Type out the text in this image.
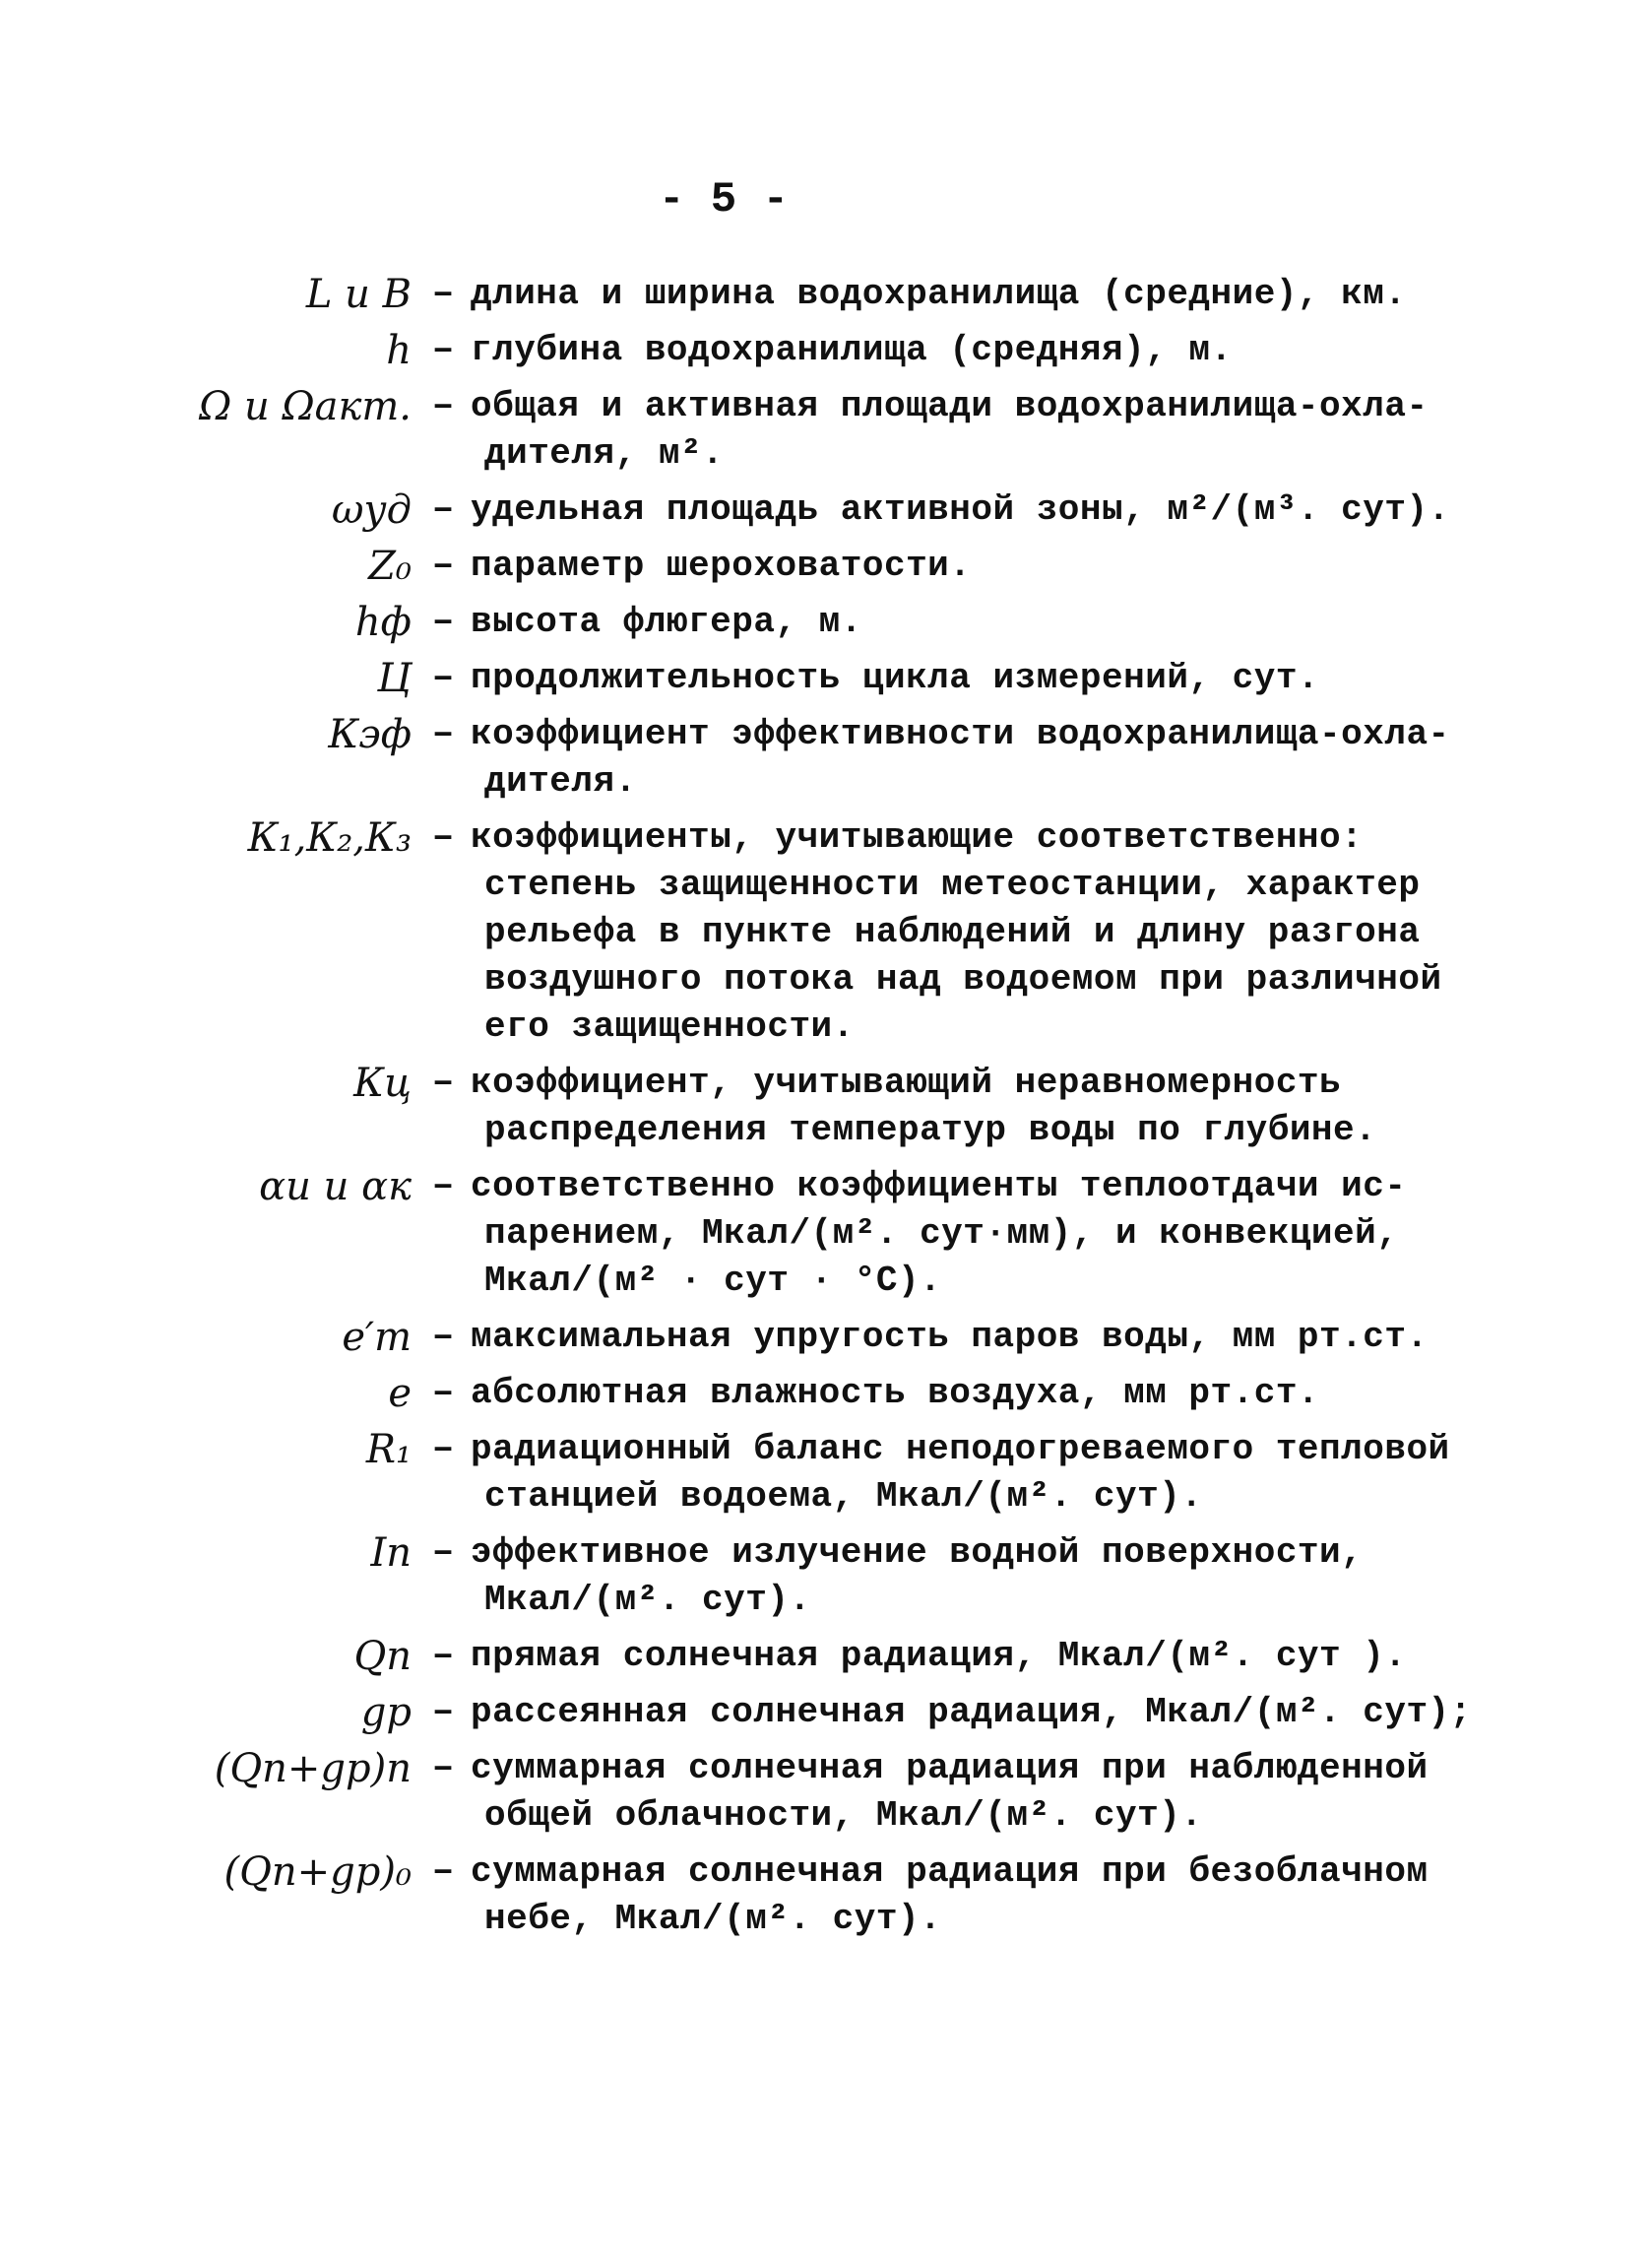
- 5 -
L и B – длина и ширина водохранилища (средние), км.
h – глубина водохранилища (средняя), м.
Ω и Ωакт. – общая и активная площади водохранилища-охла-
дителя, м².
ωуд – удельная площадь активной зоны, м²/(м³. сут).
Z₀ – параметр шероховатости.
hф – высота флюгера, м.
Ц – продолжительность цикла измерений, сут.
Кэф – коэффициент эффективности водохранилища-охла-
дителя.
К₁,К₂,К₃ – коэффициенты, учитывающие соответственно:
степень защищенности метеостанции, характер
рельефа в пункте наблюдений и длину разгона
воздушного потока над водоемом при различной
его защищенности.
Кц – коэффициент, учитывающий неравномерность
распределения температур воды по глубине.
αи и αк – соответственно коэффициенты теплоотдачи ис-
парением, Мкал/(м². сут·мм), и конвекцией,
Мкал/(м² · сут · °С).
e′m – максимальная упругость паров воды, мм рт.ст.
e – абсолютная влажность воздуха, мм рт.ст.
R₁ – радиационный баланс неподогреваемого тепловой
станцией водоема, Мкал/(м². сут).
Iп – эффективное излучение водной поверхности,
Мкал/(м². сут).
Qп – прямая солнечная радиация, Мкал/(м². сут ).
gр – рассеянная солнечная радиация, Мкал/(м². сут);
(Qп+gр)n – суммарная солнечная радиация при наблюденной
общей облачности, Мкал/(м². сут).
(Qп+gр)₀ – суммарная солнечная радиация при безоблачном
небе, Мкал/(м². сут).
